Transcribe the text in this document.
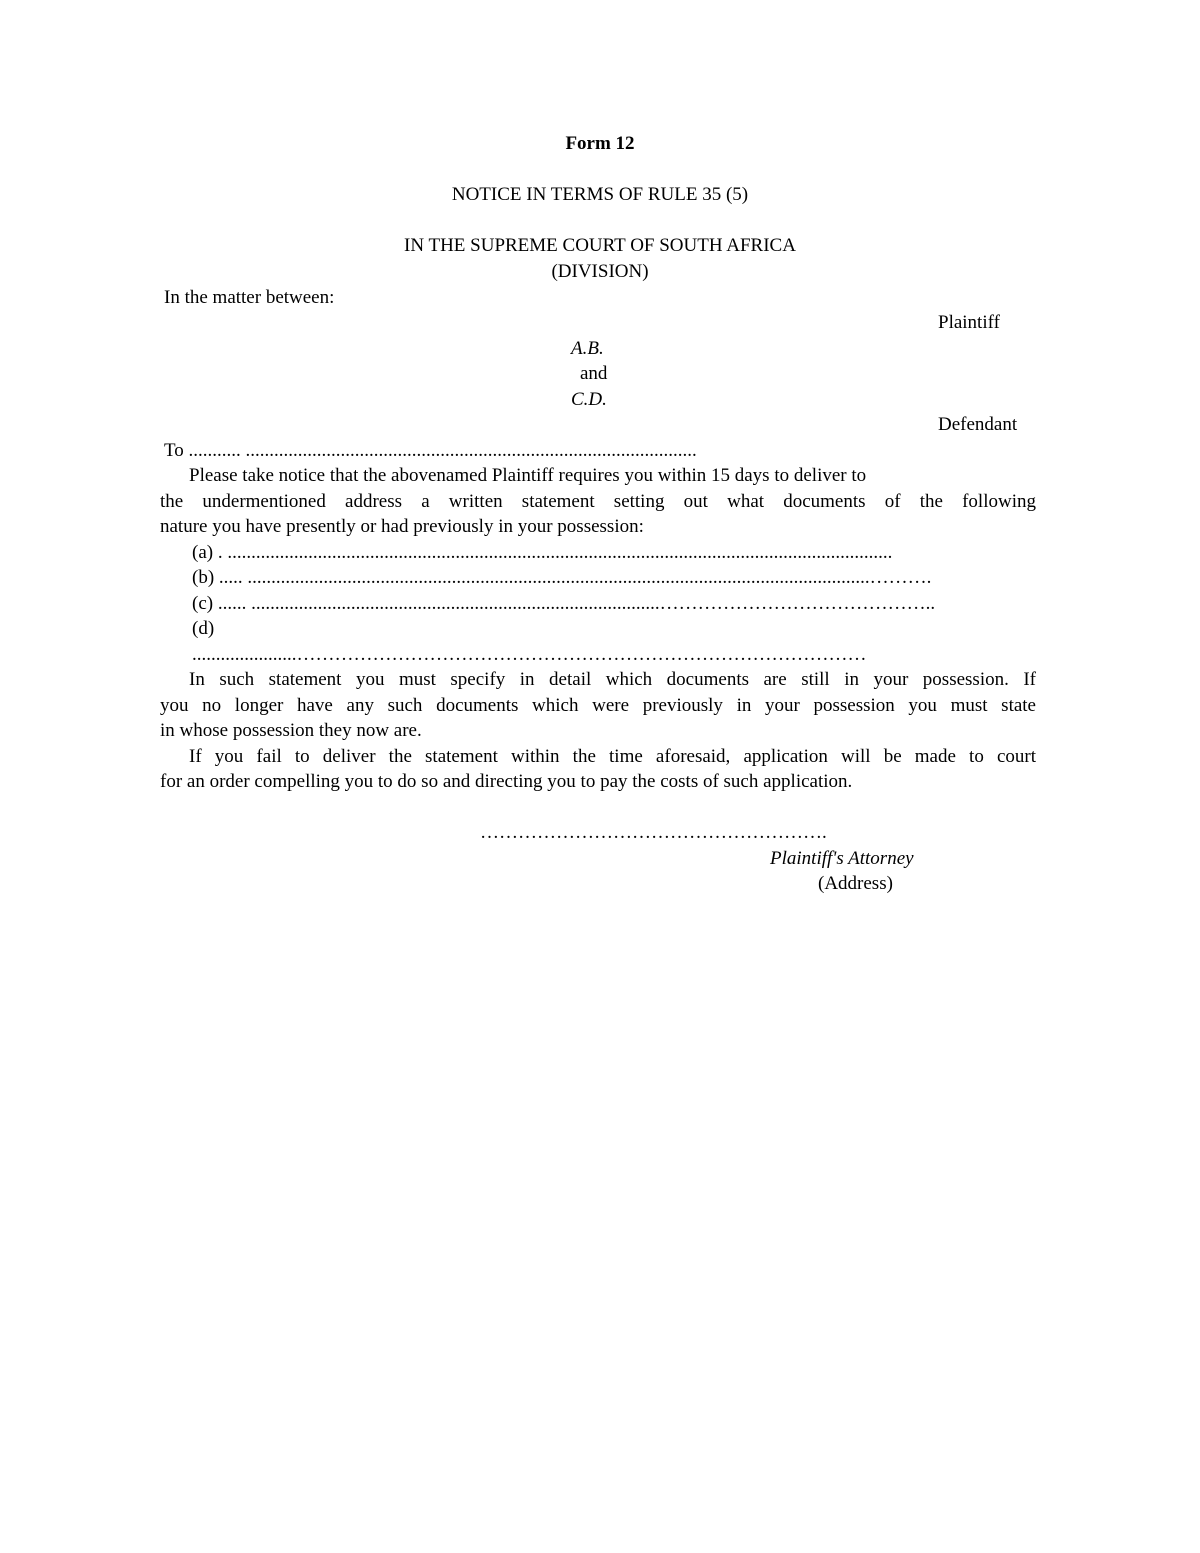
Form 12
NOTICE IN TERMS OF RULE 35 (5)
IN THE SUPREME COURT OF SOUTH AFRICA
(DIVISION)
In the matter between:
Plaintiff
A.B.
and
C.D.
Defendant
To ........... ...............................................................................................
Please take notice that the abovenamed Plaintiff requires you within 15 days to deliver to
the undermentioned address a written statement setting out what documents of the following
nature you have presently or had previously in your possession:
(a) . ............................................................................................................................................
(b) ..... ...................................................................................................................................……….
(c) ...... ......................................................................................……………………………………..
(d)
......................………………………………………………………………………………
In such statement you must specify in detail which documents are still in your possession. If
you no longer have any such documents which were previously in your possession you must state
in whose possession they now are.
If you fail to deliver the statement within the time aforesaid, application will be made to court
for an order compelling you to do so and directing you to pay the costs of such application.
……………………………………………….
Plaintiff's Attorney
(Address)
